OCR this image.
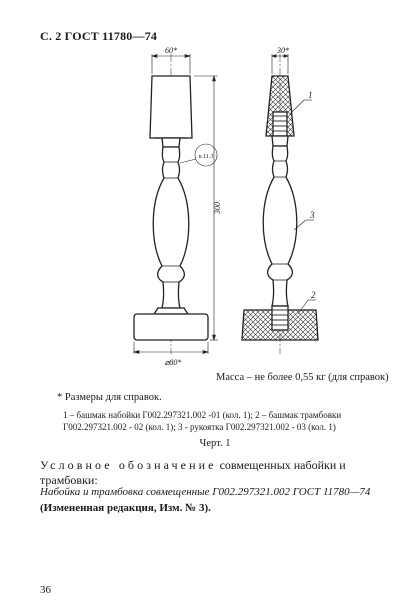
С. 2 ГОСТ 11780—74
60*
⌀80*
300
n.11.3
30*
1
3
2
Масса – не более 0,55 кг (для справок)
* Размеры для справок.
1 – башмак набойки Г002.297321.002 -01 (кол. 1); 2 – башмак трамбовки
Г002.297321.002 - 02 (кол. 1); 3 - рукоятка Г002.297321.002 - 03 (кол. 1)
Черт. 1
Условное обозначение совмещенных набойки и трамбовки:
Набойка и трамбовка совмещенные Г002.297321.002 ГОСТ 11780—74
(Измененная редакция, Изм. № 3).
36
